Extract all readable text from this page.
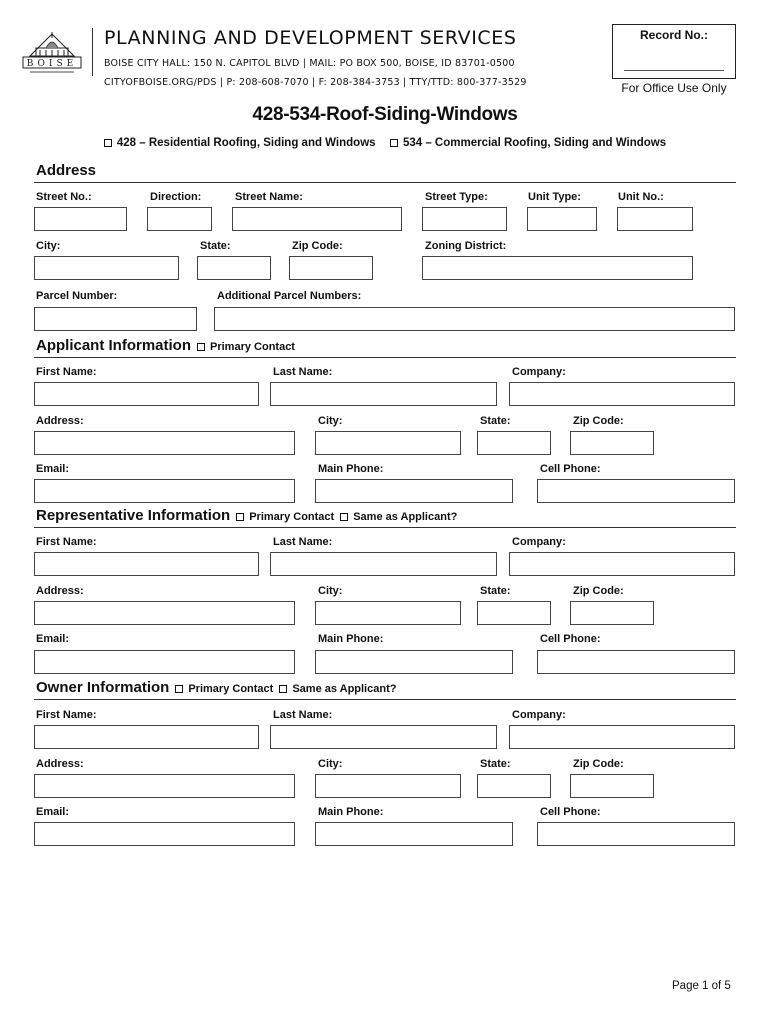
BOISE
PLANNING AND DEVELOPMENT SERVICES
BOISE CITY HALL: 150 N. CAPITOL BLVD | MAIL: PO BOX 500, BOISE, ID 83701-0500
CITYOFBOISE.ORG/PDS | P: 208-608-7070 | F: 208-384-3753 | TTY/TTD: 800-377-3529
Record No.:
For Office Use Only
428-534-Roof-Siding-Windows
428 – Residential Roofing, Siding and Windows 534 – Commercial Roofing, Siding and Windows
Address
Street No.:	Direction:	Street Name:	Street Type:	Unit Type:	Unit No.:
City:	State:	Zip Code:	Zoning District:
Parcel Number:	Additional Parcel Numbers:
Applicant Information Primary Contact
First Name:	Last Name:	Company:
Address:	City:	State:	Zip Code:
Email:	Main Phone:	Cell Phone:
Representative Information Primary Contact Same as Applicant?
First Name:	Last Name:	Company:
Address:	City:	State:	Zip Code:
Email:	Main Phone:	Cell Phone:
Owner Information Primary Contact Same as Applicant?
First Name:	Last Name:	Company:
Address:	City:	State:	Zip Code:
Email:	Main Phone:	Cell Phone:
Page 1 of 5
